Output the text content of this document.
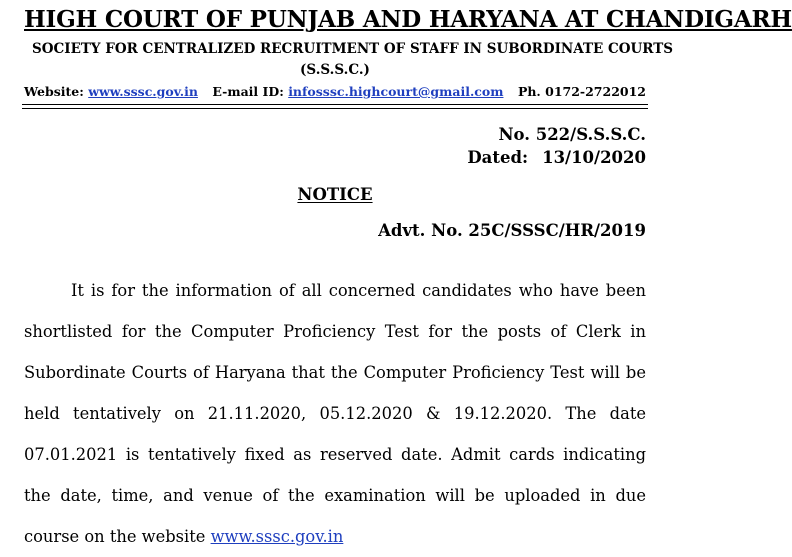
HIGH COURT OF PUNJAB AND HARYANA AT CHANDIGARH
SOCIETY FOR CENTRALIZED RECRUITMENT OF STAFF IN SUBORDINATE COURTS
(S.S.S.C.)
Website: www.sssc.gov.in E-mail ID: infosssc.highcourt@gmail.com Ph. 0172-2722012
No. 522/S.S.S.C.
Dated: 13/10/2020
NOTICE
Advt. No. 25C/SSSC/HR/2019
It is for the information of all concerned candidates who have been shortlisted for the Computer Proficiency Test for the posts of Clerk in Subordinate Courts of Haryana that the Computer Proficiency Test will be held tentatively on 21.11.2020, 05.12.2020 & 19.12.2020. The date 07.01.2021 is tentatively fixed as reserved date. Admit cards indicating the date, time, and venue of the examination will be uploaded in due course on the website www.sssc.gov.in
